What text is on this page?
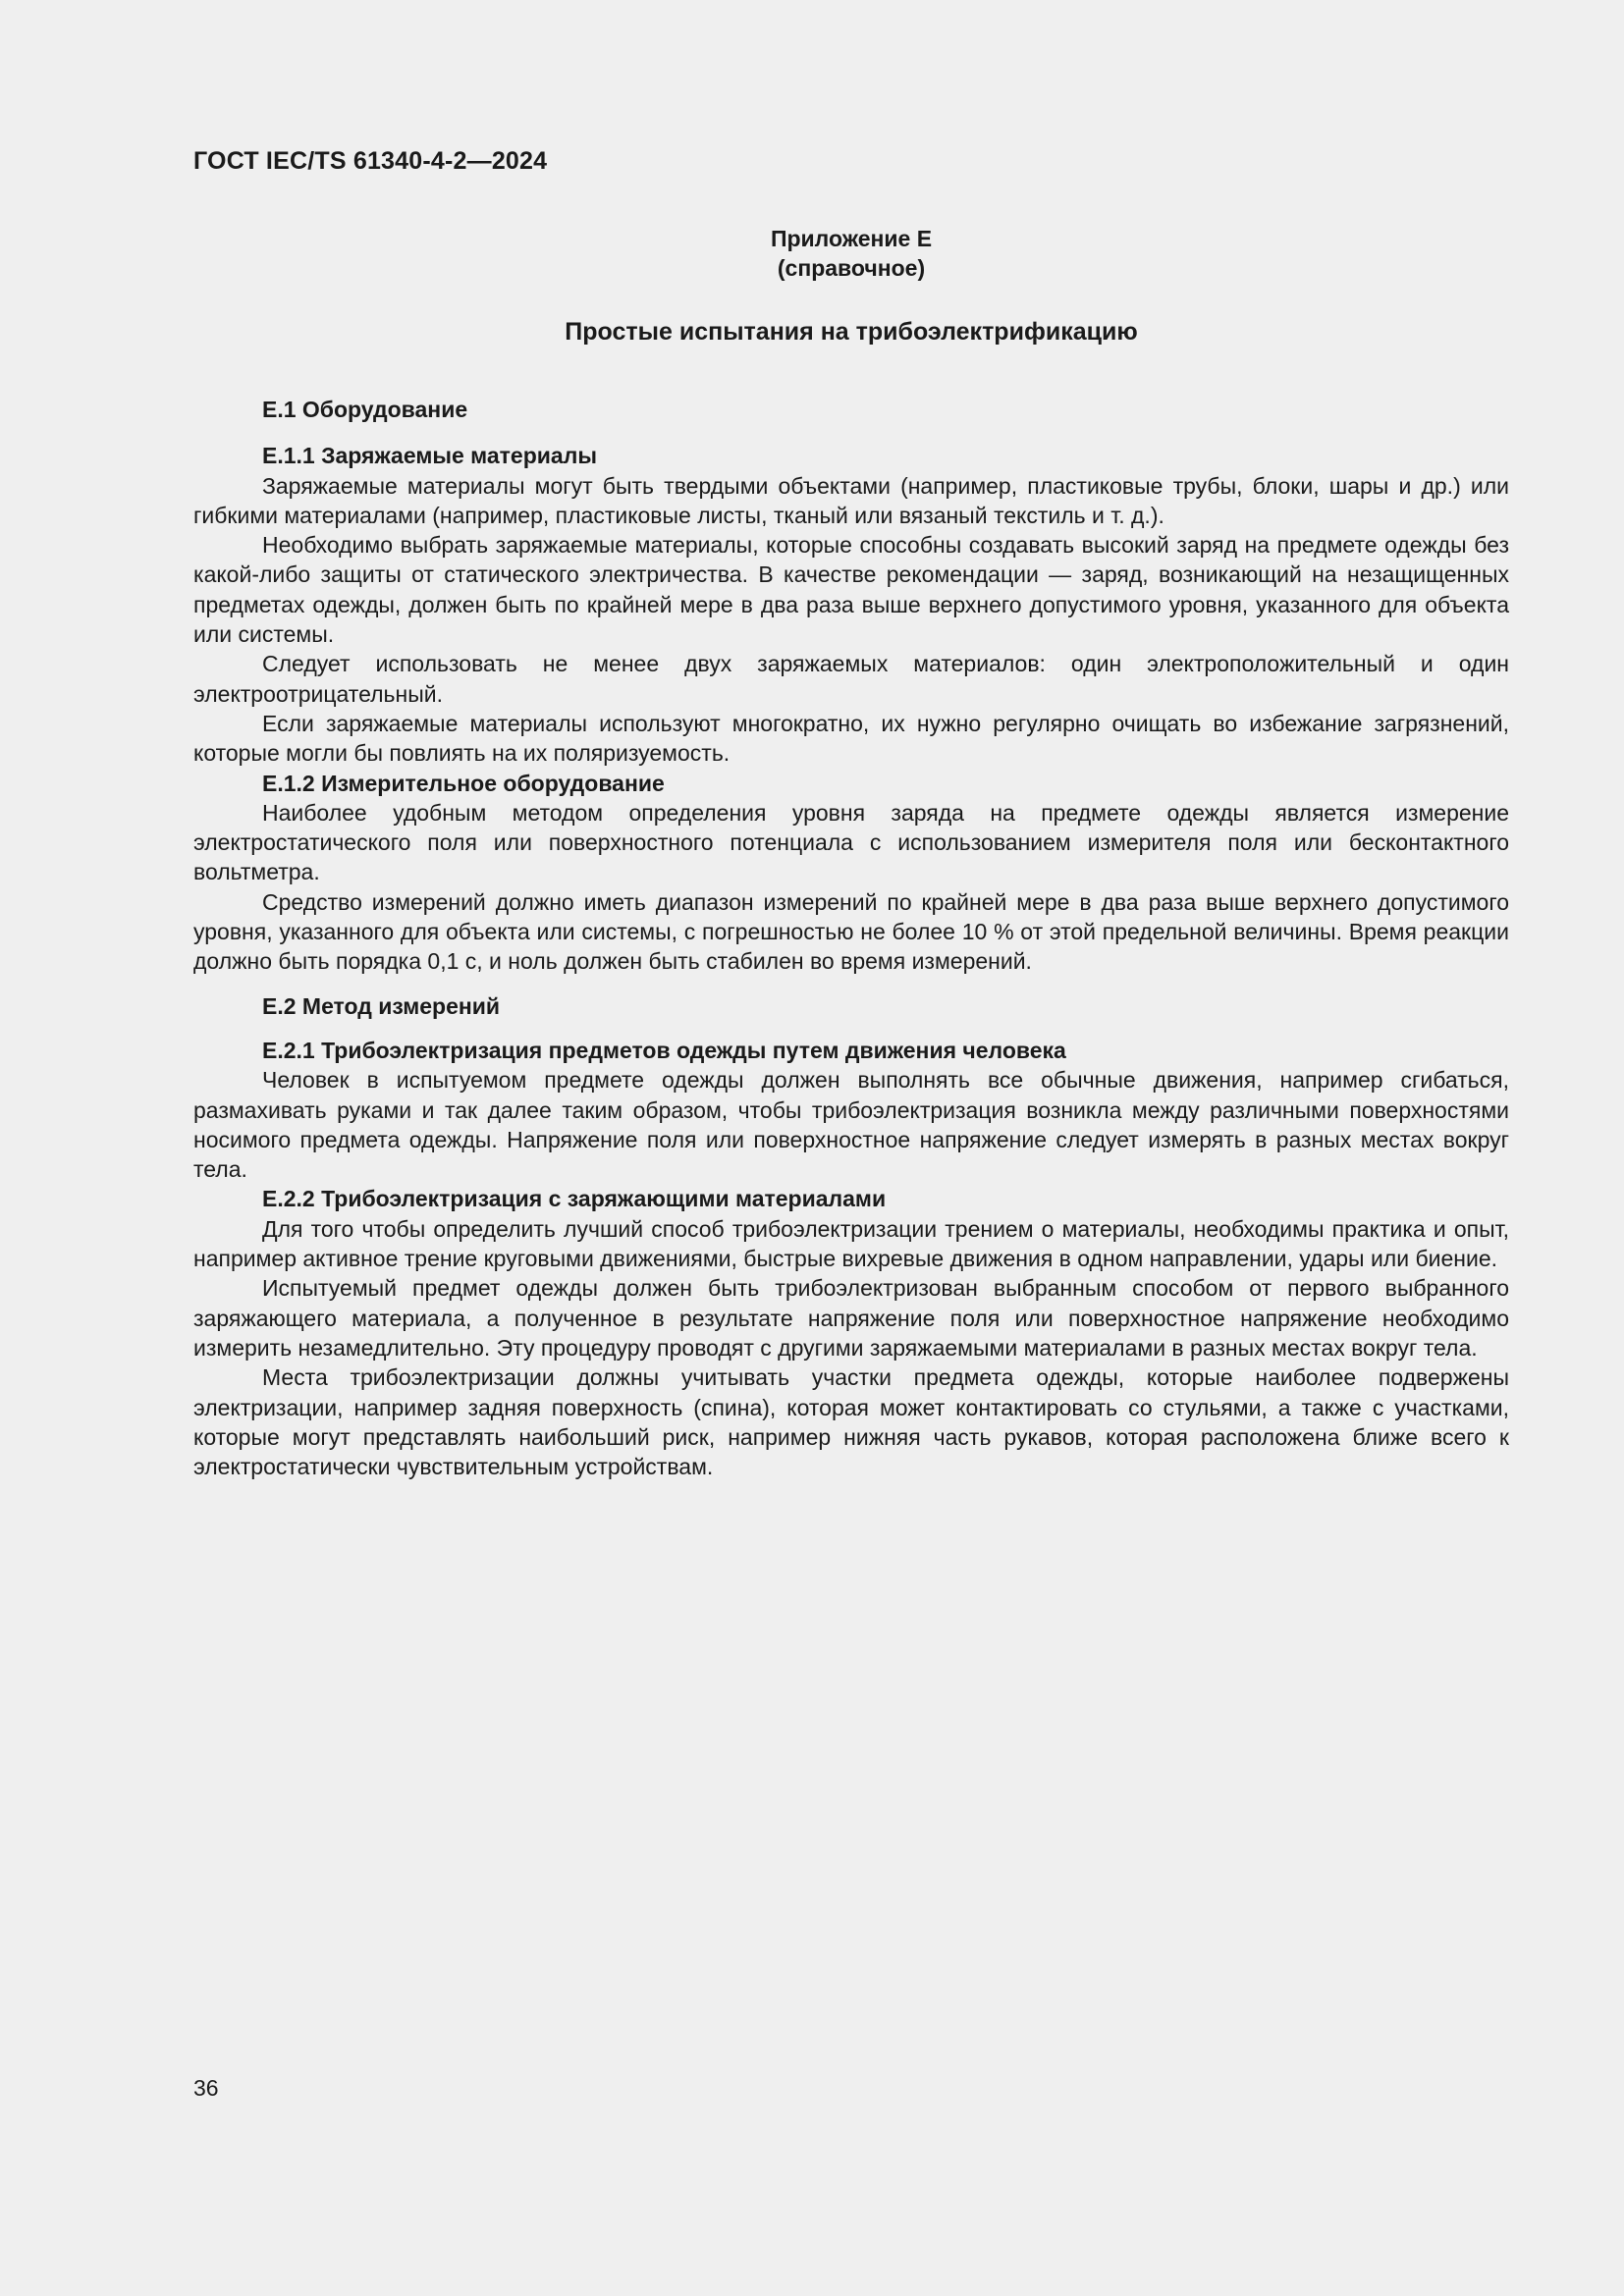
ГОСТ IEC/TS 61340-4-2—2024
Приложение Е
(справочное)
Простые испытания на трибоэлектрификацию
Е.1 Оборудование
Е.1.1 Заряжаемые материалы

Заряжаемые материалы могут быть твердыми объектами (например, пластиковые трубы, блоки, шары и др.) или гибкими материалами (например, пластиковые листы, тканый или вязаный текстиль и т. д.).

Необходимо выбрать заряжаемые материалы, которые способны создавать высокий заряд на предмете одежды без какой-либо защиты от статического электричества. В качестве рекомендации — заряд, возникающий на незащищенных предметах одежды, должен быть по крайней мере в два раза выше верхнего допустимого уровня, указанного для объекта или системы.

Следует использовать не менее двух заряжаемых материалов: один электроположительный и один электроотрицательный.

Если заряжаемые материалы используют многократно, их нужно регулярно очищать во избежание загрязнений, которые могли бы повлиять на их поляризуемость.

Е.1.2 Измерительное оборудование

Наиболее удобным методом определения уровня заряда на предмете одежды является измерение электростатического поля или поверхностного потенциала с использованием измерителя поля или бесконтактного вольтметра.

Средство измерений должно иметь диапазон измерений по крайней мере в два раза выше верхнего допустимого уровня, указанного для объекта или системы, с погрешностью не более 10 % от этой предельной величины. Время реакции должно быть порядка 0,1 с, и ноль должен быть стабилен во время измерений.

Е.2 Метод измерений
Е.2.1 Трибоэлектризация предметов одежды путем движения человека

Человек в испытуемом предмете одежды должен выполнять все обычные движения, например сгибаться, размахивать руками и так далее таким образом, чтобы трибоэлектризация возникла между различными поверхностями носимого предмета одежды. Напряжение поля или поверхностное напряжение следует измерять в разных местах вокруг тела.

Е.2.2 Трибоэлектризация с заряжающими материалами

Для того чтобы определить лучший способ трибоэлектризации трением о материалы, необходимы практика и опыт, например активное трение круговыми движениями, быстрые вихревые движения в одном направлении, удары или биение.

Испытуемый предмет одежды должен быть трибоэлектризован выбранным способом от первого выбранного заряжающего материала, а полученное в результате напряжение поля или поверхностное напряжение необходимо измерить незамедлительно. Эту процедуру проводят с другими заряжаемыми материалами в разных местах вокруг тела.

Места трибоэлектризации должны учитывать участки предмета одежды, которые наиболее подвержены электризации, например задняя поверхность (спина), которая может контактировать со стульями, а также с участками, которые могут представлять наибольший риск, например нижняя часть рукавов, которая расположена ближе всего к электростатически чувствительным устройствам.

36
